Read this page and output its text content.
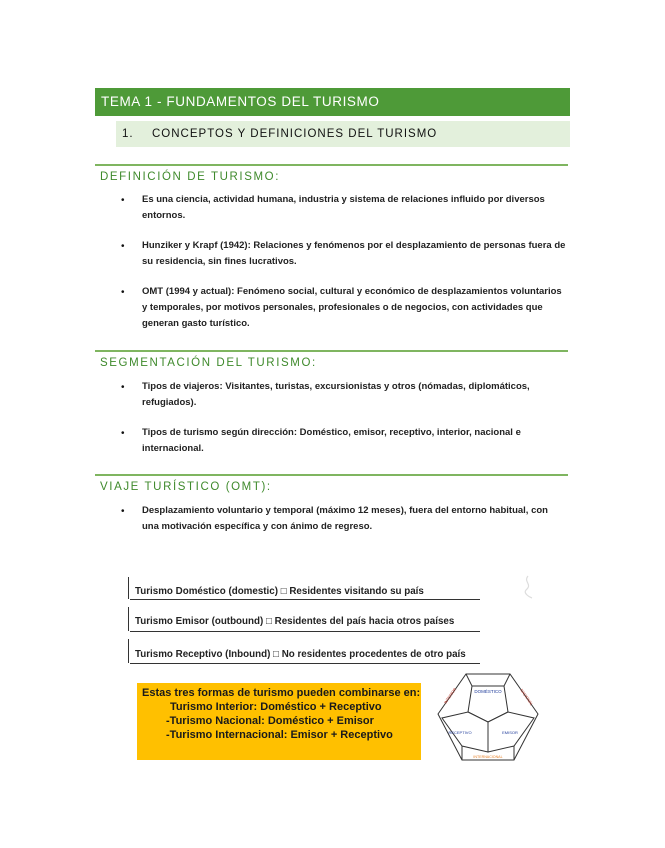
TEMA 1 - FUNDAMENTOS DEL TURISMO
1. CONCEPTOS Y DEFINICIONES DEL TURISMO
DEFINICIÓN DE TURISMO:
• Es una ciencia, actividad humana, industria y sistema de relaciones influido por diversos entornos.
• Hunziker y Krapf (1942): Relaciones y fenómenos por el desplazamiento de personas fuera de su residencia, sin fines lucrativos.
• OMT (1994 y actual): Fenómeno social, cultural y económico de desplazamientos voluntarios y temporales, por motivos personales, profesionales o de negocios, con actividades que generan gasto turístico.
SEGMENTACIÓN DEL TURISMO:
• Tipos de viajeros: Visitantes, turistas, excursionistas y otros (nómadas, diplomáticos, refugiados).
• Tipos de turismo según dirección: Doméstico, emisor, receptivo, interior, nacional e internacional.
VIAJE TURÍSTICO (OMT):
• Desplazamiento voluntario y temporal (máximo 12 meses), fuera del entorno habitual, con una motivación específica y con ánimo de regreso.
Turismo Doméstico (domestic) □ Residentes visitando su país
Turismo Emisor (outbound) □ Residentes del país hacia otros países
Turismo Receptivo (Inbound) □ No residentes procedentes de otro país
Estas tres formas de turismo pueden combinarse en:
Turismo Interior: Doméstico + Receptivo
-Turismo Nacional: Doméstico + Emisor
-Turismo Internacional: Emisor + Receptivo
DOMÉSTICO
RECEPTIVO	EMISOR
INTERIOR	NACIONAL
INTERNACIONAL
